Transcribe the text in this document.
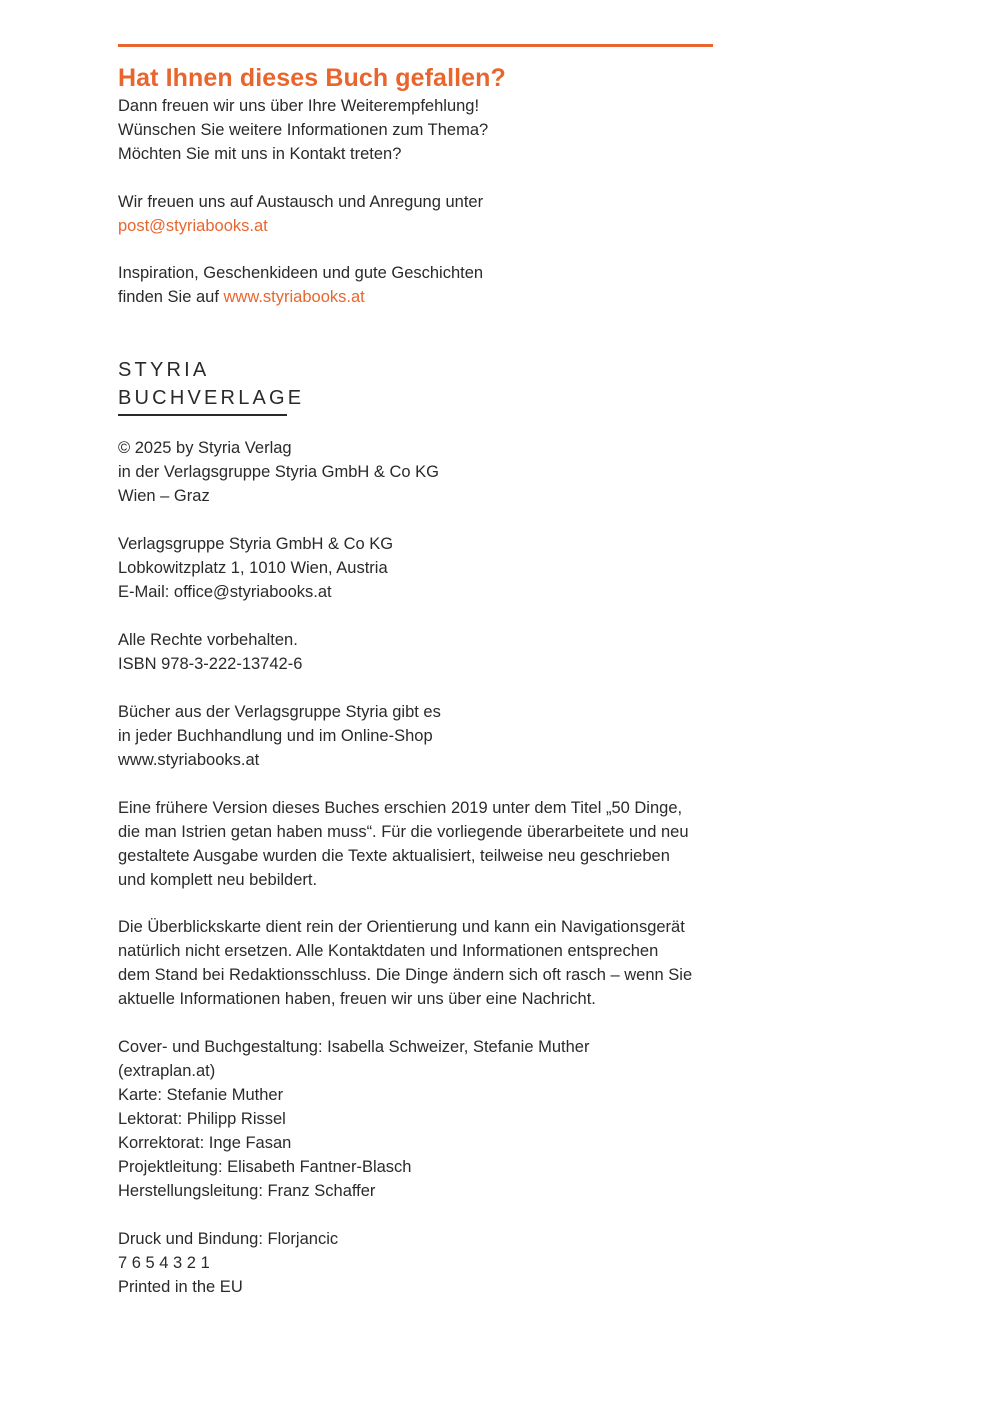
Hat Ihnen dieses Buch gefallen?

Dann freuen wir uns über Ihre Weiterempfehlung!
Wünschen Sie weitere Informationen zum Thema?
Möchten Sie mit uns in Kontakt treten?

Wir freuen uns auf Austausch und Anregung unter
post@styriabooks.at

Inspiration, Geschenkideen und gute Geschichten
finden Sie auf www.styriabooks.at

STYRIA
BUCHVERLAGE

© 2025 by Styria Verlag
in der Verlagsgruppe Styria GmbH & Co KG
Wien – Graz

Verlagsgruppe Styria GmbH & Co KG
Lobkowitzplatz 1, 1010 Wien, Austria
E-Mail: office@styriabooks.at

Alle Rechte vorbehalten.
ISBN 978-3-222-13742-6

Bücher aus der Verlagsgruppe Styria gibt es
in jeder Buchhandlung und im Online-Shop
www.styriabooks.at

Eine frühere Version dieses Buches erschien 2019 unter dem Titel „50 Dinge,
die man Istrien getan haben muss“. Für die vorliegende überarbeitete und neu
gestaltete Ausgabe wurden die Texte aktualisiert, teilweise neu geschrieben
und komplett neu bebildert.

Die Überblickskarte dient rein der Orientierung und kann ein Navigationsgerät
natürlich nicht ersetzen. Alle Kontaktdaten und Informationen entsprechen
dem Stand bei Redaktionsschluss. Die Dinge ändern sich oft rasch – wenn Sie
aktuelle Informationen haben, freuen wir uns über eine Nachricht.

Cover- und Buchgestaltung: Isabella Schweizer, Stefanie Muther
(extraplan.at)
Karte: Stefanie Muther
Lektorat: Philipp Rissel
Korrektorat: Inge Fasan
Projektleitung: Elisabeth Fantner-Blasch
Herstellungsleitung: Franz Schaffer

Druck und Bindung: Florjancic
7 6 5 4 3 2 1
Printed in the EU
